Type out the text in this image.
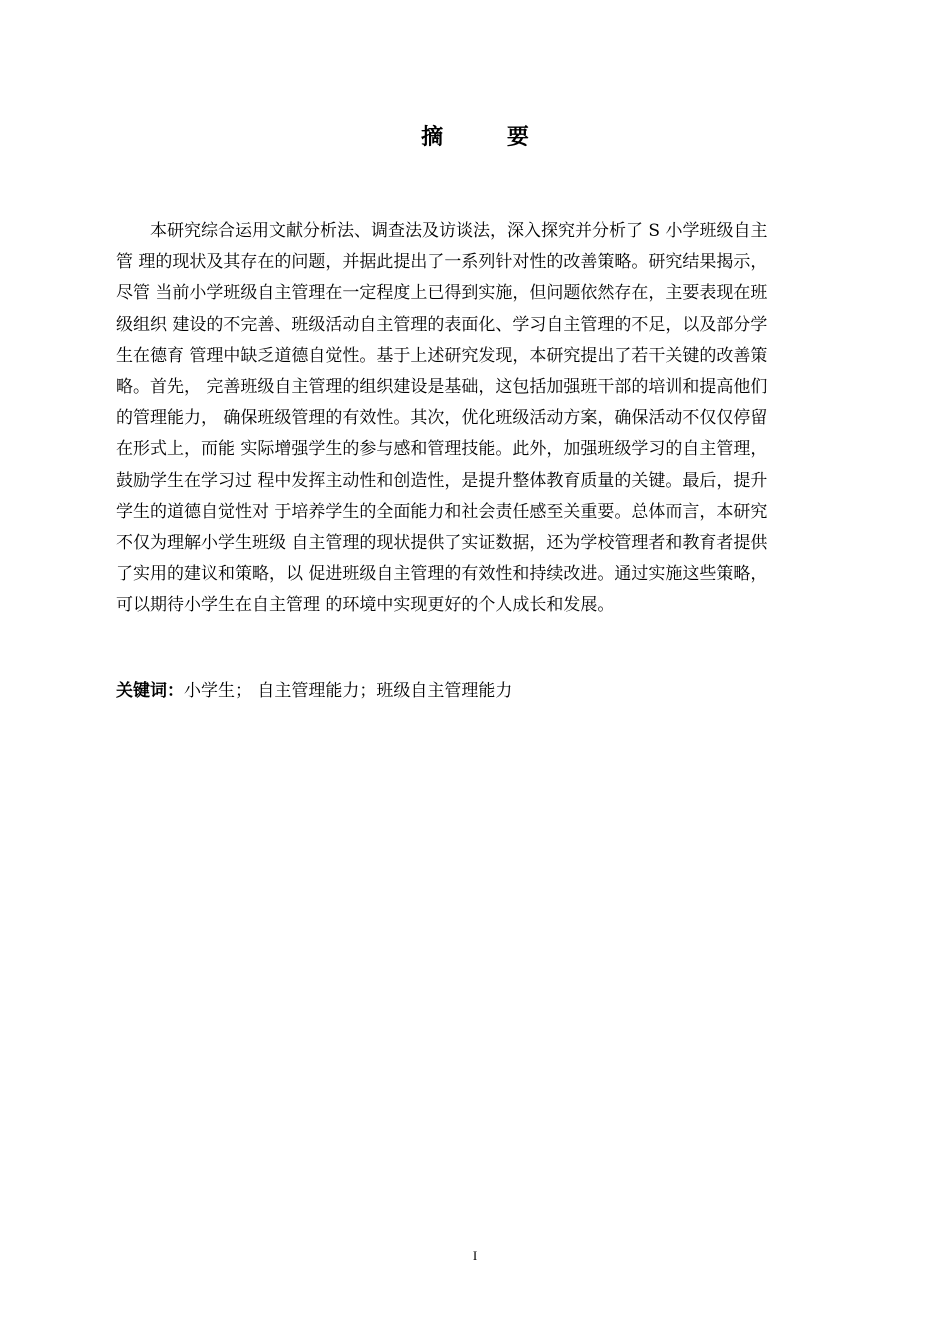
摘 要
本研究综合运用文献分析法、调查法及访谈法，深入探究并分析了 S 小学班级自主
管 理的现状及其存在的问题，并据此提出了一系列针对性的改善策略。研究结果揭示，
尽管 当前小学班级自主管理在一定程度上已得到实施，但问题依然存在，主要表现在班
级组织 建设的不完善、班级活动自主管理的表面化、学习自主管理的不足，以及部分学
生在德育 管理中缺乏道德自觉性。基于上述研究发现，本研究提出了若干关键的改善策
略。首先， 完善班级自主管理的组织建设是基础，这包括加强班干部的培训和提高他们
的管理能力， 确保班级管理的有效性。其次，优化班级活动方案，确保活动不仅仅停留
在形式上，而能 实际增强学生的参与感和管理技能。此外，加强班级学习的自主管理，
鼓励学生在学习过 程中发挥主动性和创造性，是提升整体教育质量的关键。最后，提升
学生的道德自觉性对 于培养学生的全面能力和社会责任感至关重要。总体而言，本研究
不仅为理解小学生班级 自主管理的现状提供了实证数据，还为学校管理者和教育者提供
了实用的建议和策略，以 促进班级自主管理的有效性和持续改进。通过实施这些策略，
可以期待小学生在自主管理 的环境中实现更好的个人成长和发展。
关键词：小学生； 自主管理能力；班级自主管理能力
I
